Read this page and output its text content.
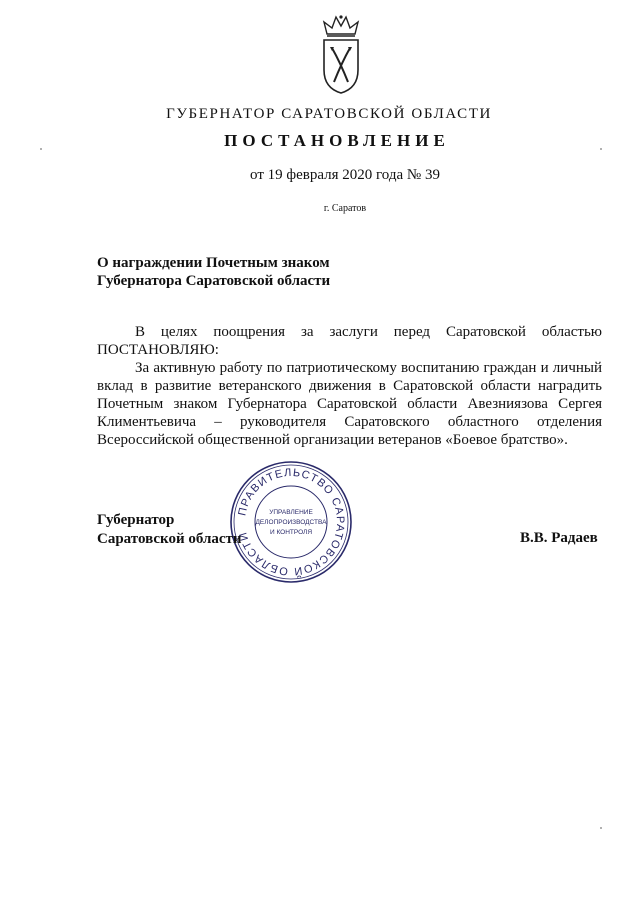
ГУБЕРНАТОР САРАТОВСКОЙ ОБЛАСТИ
ПОСТАНОВЛЕНИЕ
от 19 февраля 2020 года № 39
г. Саратов
О награждении Почетным знаком
Губернатора Саратовской области

В целях поощрения за заслуги перед Саратовской областью

ПОСТАНОВЛЯЮ:

За активную работу по патриотическому воспитанию граждан и личный вклад в развитие ветеранского движения в Саратовской области наградить Почетным знаком Губернатора Саратовской области Авезниязова Сергея Климентьевича – руководителя Саратовского областного отделения Всероссийской общественной организации ветеранов «Боевое братство».

ПРАВИТЕЛЬСТВО САРАТОВСКОЙ ОБЛАСТИ
УПРАВЛЕНИЕ
ДЕЛОПРОИЗВОДСТВА
И КОНТРОЛЯ
Губернатор
Саратовской области	В.В. Радаев
